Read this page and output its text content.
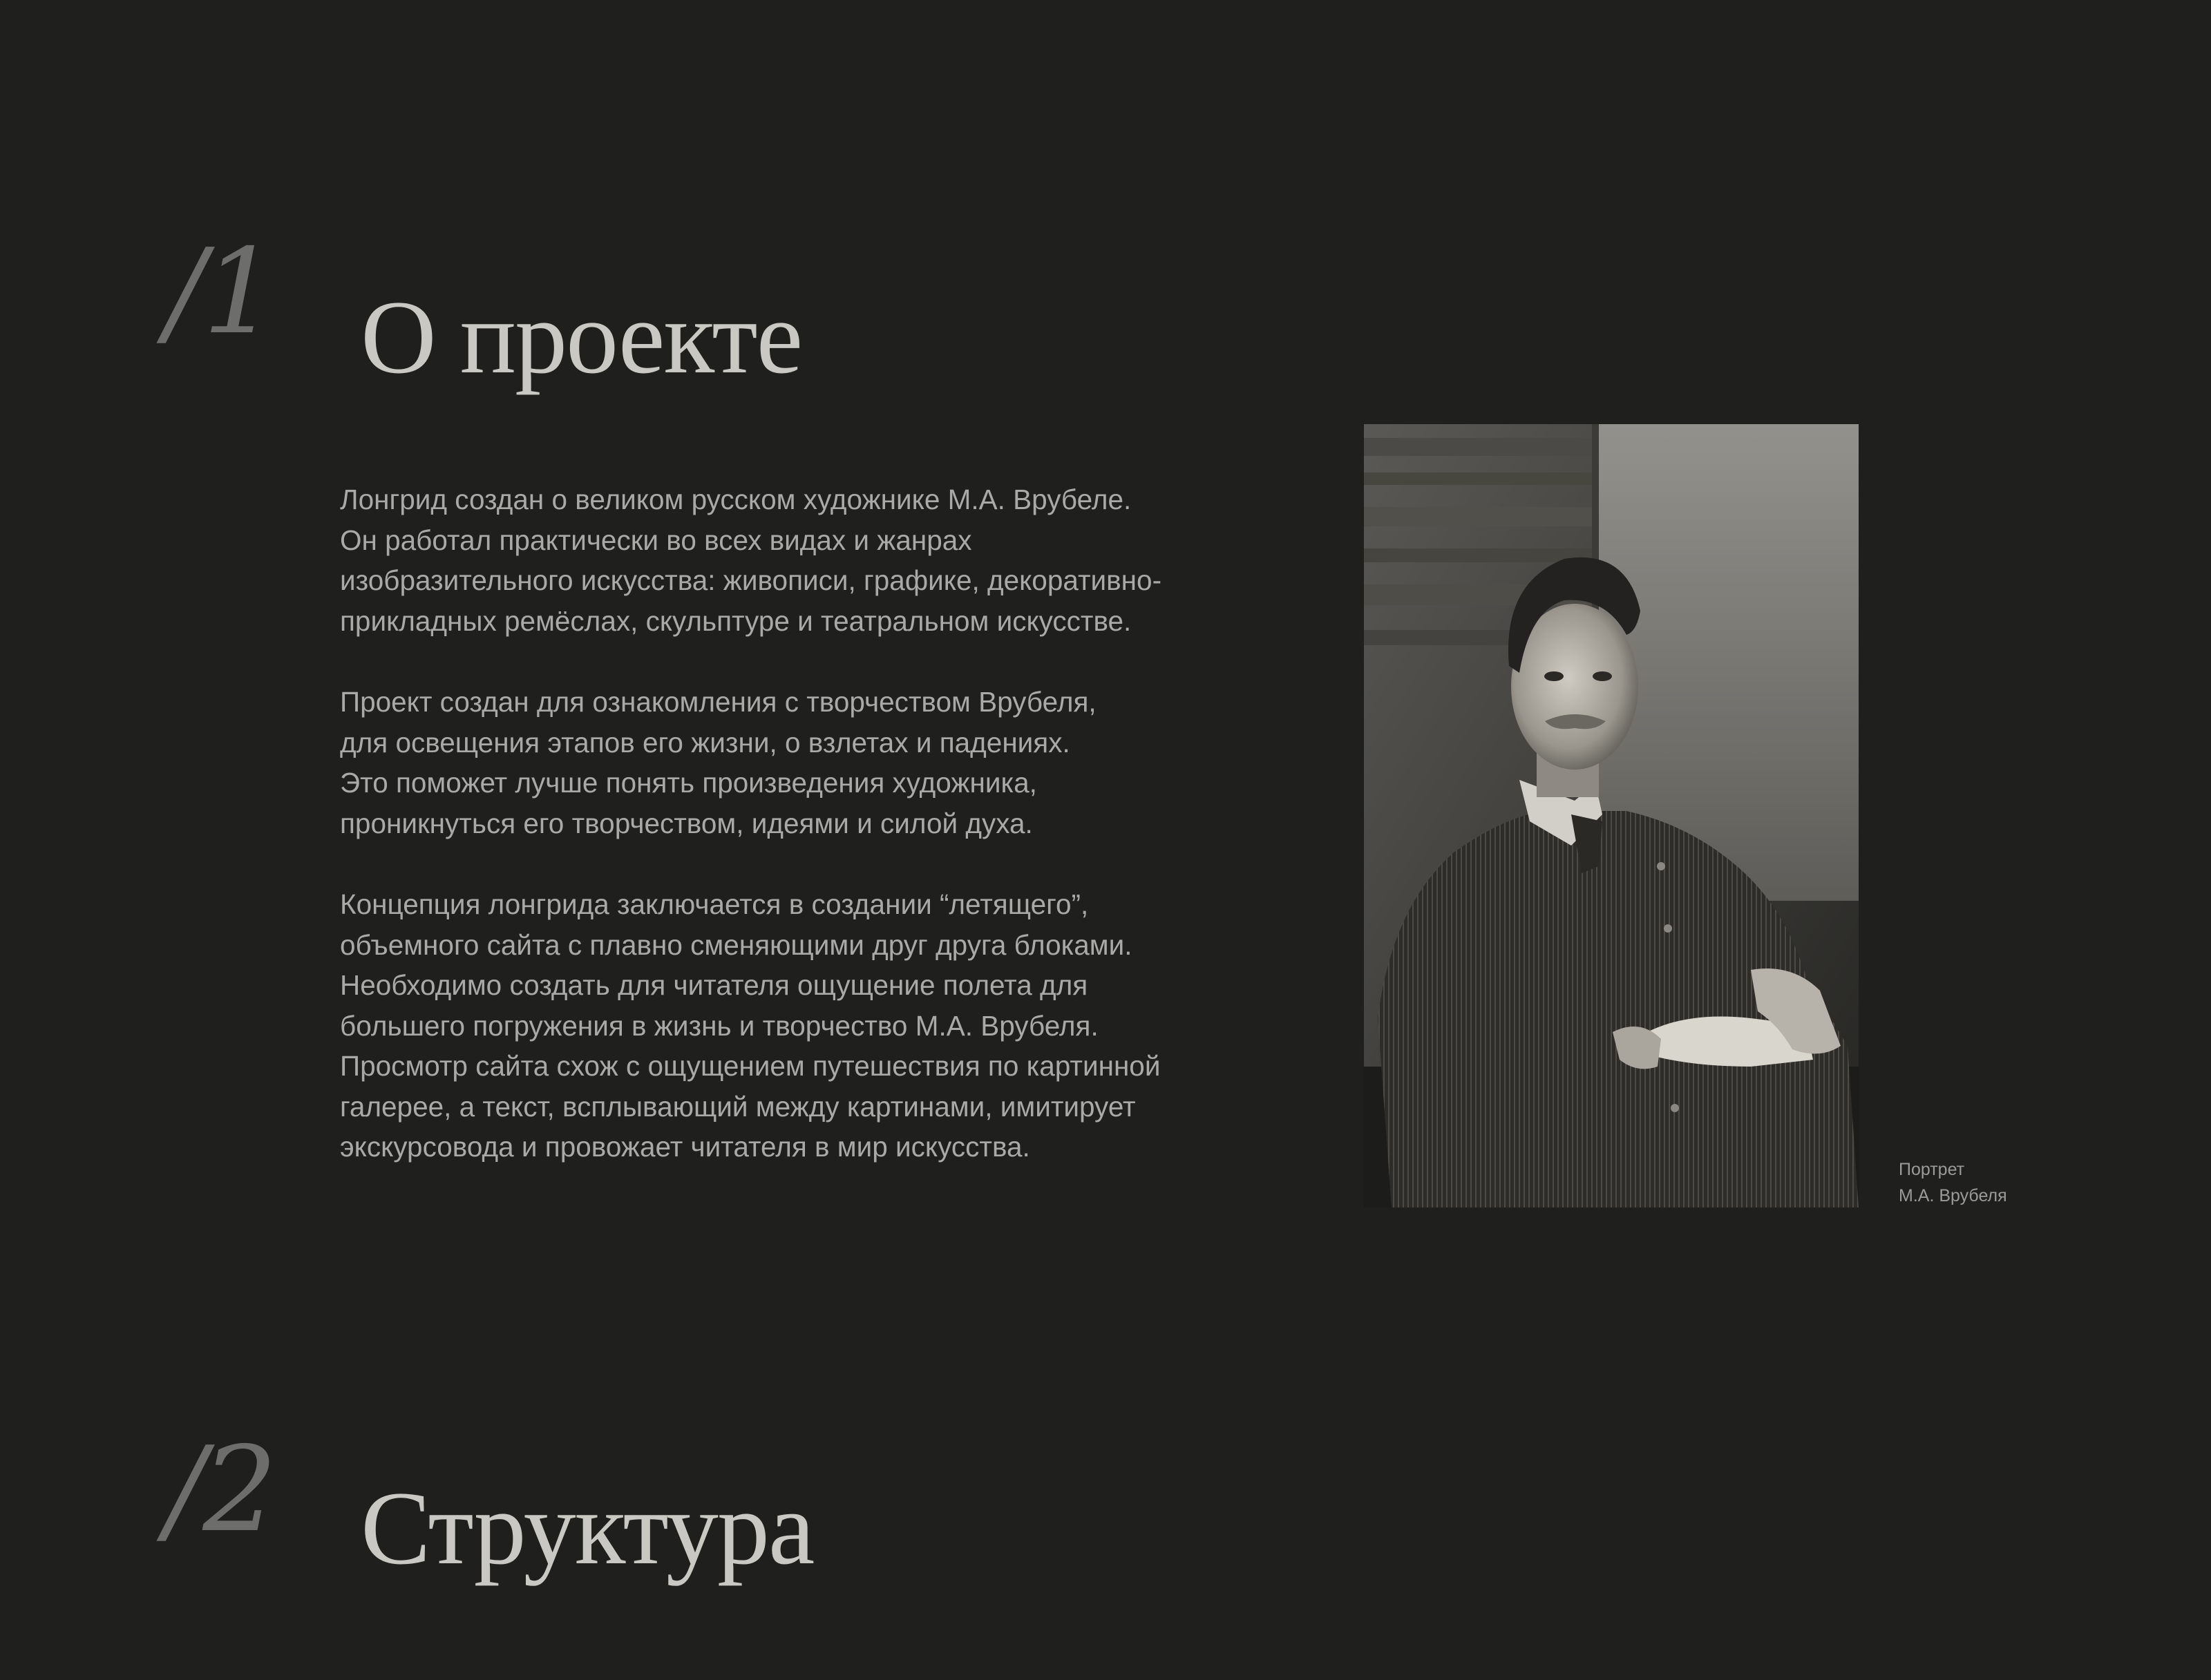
/1 О проекте

Лонгрид создан о великом русском художнике М.А. Врубеле.
Он работал практически во всех видах и жанрах
изобразительного искусства: живописи, графике, декоративно-
прикладных ремёслах, скульптуре и театральном искусстве.

Проект создан для ознакомления с творчеством Врубеля,
для освещения этапов его жизни, о взлетах и падениях.
Это поможет лучше понять произведения художника,
проникнуться его творчеством, идеями и силой духа.

Концепция лонгрида заключается в создании “летящего”,
объемного сайта с плавно сменяющими друг друга блоками.
Необходимо создать для читателя ощущение полета для
большего погружения в жизнь и творчество М.А. Врубеля.
Просмотр сайта схож с ощущением путешествия по картинной
галерее, а текст, всплывающий между картинами, имитирует
экскурсовода и провожает читателя в мир искусства.

Портрет
М.А. Врубеля
/2 Структура
